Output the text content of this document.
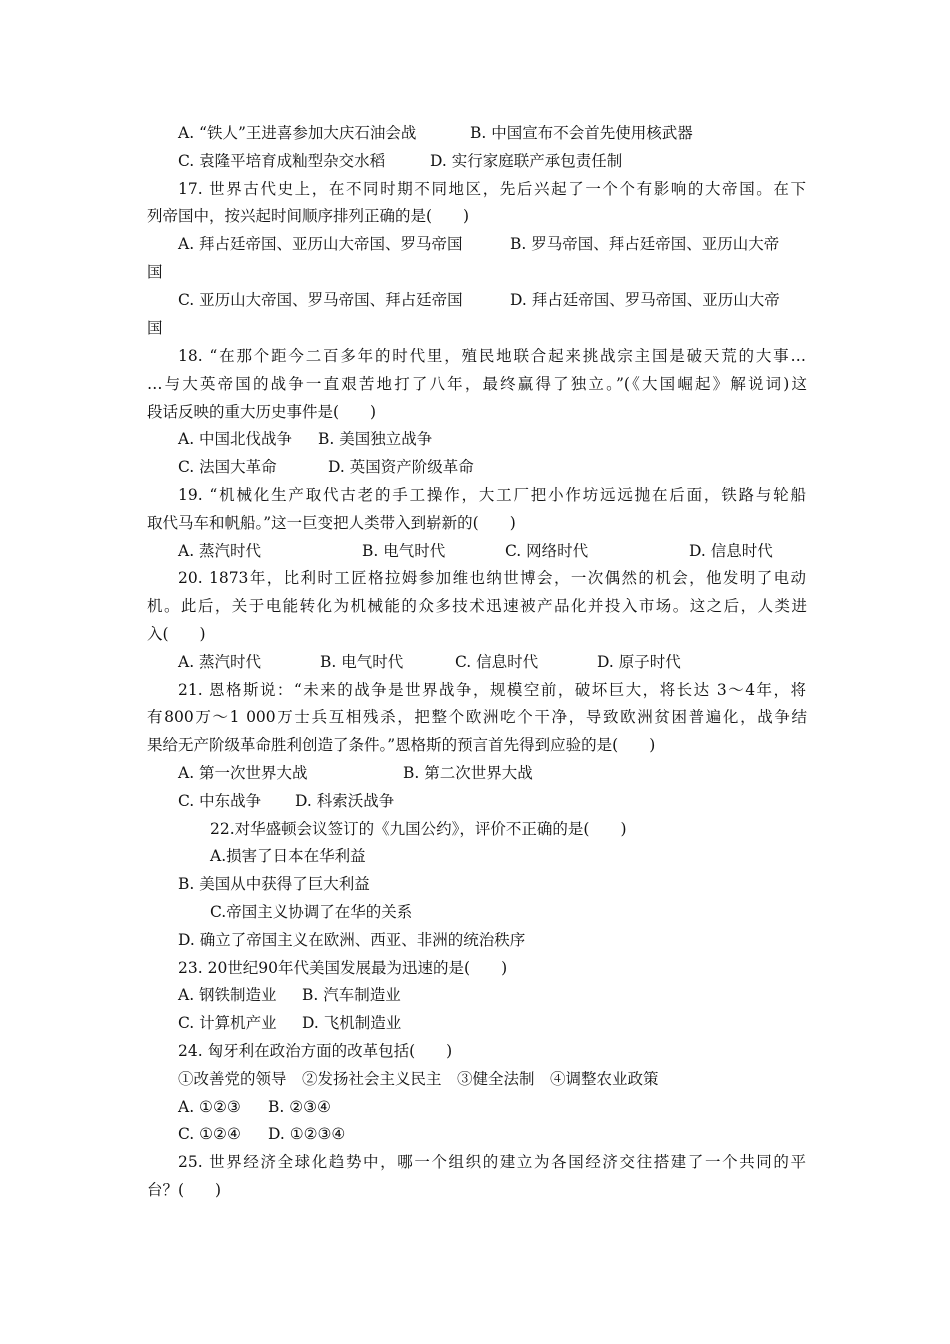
A. “铁人”王进喜参加大庆石油会战	B. 中国宣布不会首先使用核武器
C. 袁隆平培育成籼型杂交水稻	D. 实行家庭联产承包责任制
17. 世界古代史上，在不同时期不同地区，先后兴起了一个个有影响的大帝国。在下
列帝国中，按兴起时间顺序排列正确的是(　　)
A. 拜占廷帝国、亚历山大帝国、罗马帝国	B. 罗马帝国、拜占廷帝国、亚历山大帝
国
C. 亚历山大帝国、罗马帝国、拜占廷帝国	D. 拜占廷帝国、罗马帝国、亚历山大帝
国
18. “在那个距今二百多年的时代里，殖民地联合起来挑战宗主国是破天荒的大事…
…与大英帝国的战争一直艰苦地打了八年，最终赢得了独立。”(《大国崛起》解说词)这
段话反映的重大历史事件是(　　)
A. 中国北伐战争 B. 美国独立战争
C. 法国大革命	D. 英国资产阶级革命
19. “机械化生产取代古老的手工操作，大工厂把小作坊远远抛在后面，铁路与轮船
取代马车和帆船。”这一巨变把人类带入到崭新的(　　)
A. 蒸汽时代	B. 电气时代	C. 网络时代	D. 信息时代
20. 1873年，比利时工匠格拉姆参加维也纳世博会，一次偶然的机会，他发明了电动
机。此后，关于电能转化为机械能的众多技术迅速被产品化并投入市场。这之后，人类进
入(　　)
A. 蒸汽时代	B. 电气时代	C. 信息时代	D. 原子时代
21. 恩格斯说：“未来的战争是世界战争，规模空前，破坏巨大，将长达 3～4年，将
有800万～1 000万士兵互相残杀，把整个欧洲吃个干净，导致欧洲贫困普遍化，战争结
果给无产阶级革命胜利创造了条件。”恩格斯的预言首先得到应验的是(　　)
A. 第一次世界大战	B. 第二次世界大战
C. 中东战争 D. 科索沃战争
22.对华盛顿会议签订的《九国公约》，评价不正确的是(　　)
A.损害了日本在华利益
B. 美国从中获得了巨大利益
C.帝国主义协调了在华的关系
D. 确立了帝国主义在欧洲、西亚、非洲的统治秩序
23. 20世纪90年代美国发展最为迅速的是(　　)
A. 钢铁制造业 B. 汽车制造业
C. 计算机产业 D. 飞机制造业
24. 匈牙利在政治方面的改革包括(　　)
①改善党的领导　②发扬社会主义民主　③健全法制　④调整农业政策
A. ①②③ B. ②③④
C. ①②④ D. ①②③④
25. 世界经济全球化趋势中，哪一个组织的建立为各国经济交往搭建了一个共同的平
台？(　　)
